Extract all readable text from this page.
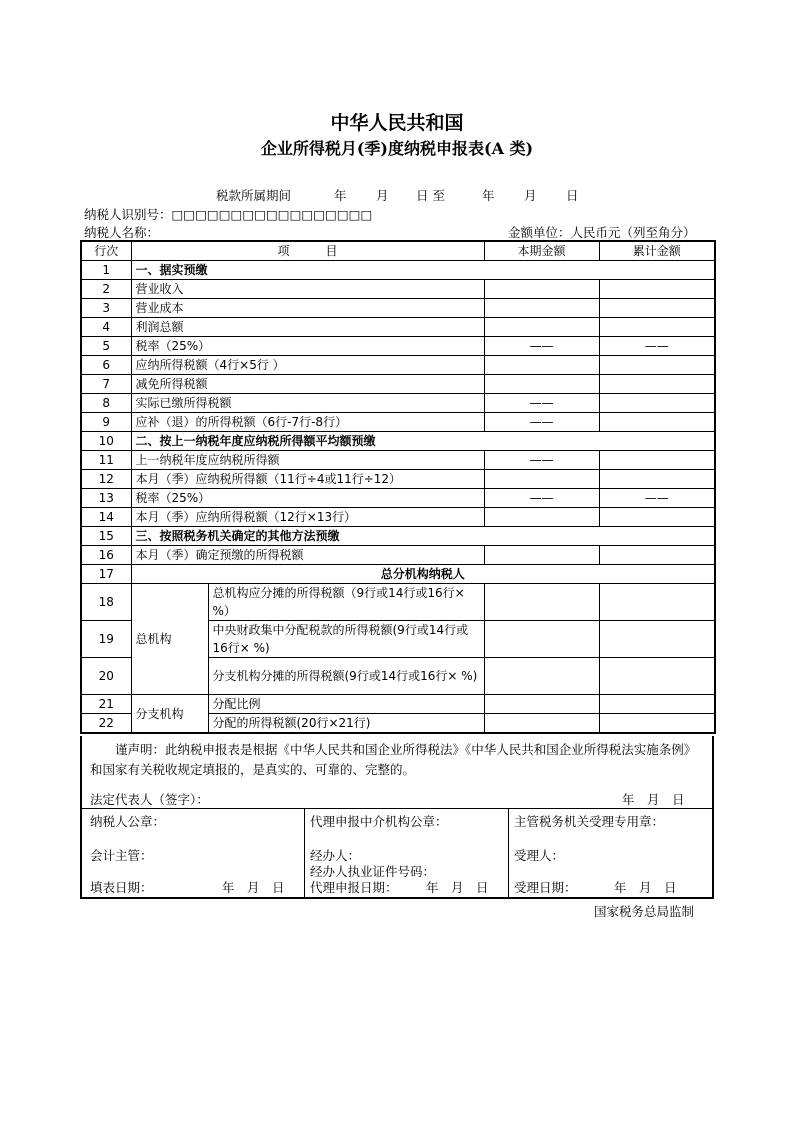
中华人民共和国
企业所得税月(季)度纳税申报表(A 类)
税款所属期间	年 月 日 至	年 月 日
纳税人识别号：□□□□□□□□□□□□□□□□□
纳税人名称：	金额单位：人民币元（列至角分）
行次	项　　　目		本期金额	累计金额
1	一、据实预缴			
2	营业收入			
3	营业成本			
4	利润总额			
5	税率（25%）		——	——
6	应纳所得税额（4行×5行 ）			
7	减免所得税额			
8	实际已缴所得税额		——	
9	应补（退）的所得税额（6行-7行-8行）		——	
10	二、按上一纳税年度应纳税所得额平均额预缴			
11	上一纳税年度应纳税所得额		——	
12	本月（季）应纳税所得额（11行÷4或11行÷12）			
13	税率（25%）		——	——
14	本月（季）应纳所得税额（12行×13行）			
15	三、按照税务机关确定的其他方法预缴			
16	本月（季）确定预缴的所得税额			
17	总分机构纳税人			
18	总机构	总机构应分摊的所得税额（9行或14行或16行× %）		
19		中央财政集中分配税款的所得税额(9行或14行或16行× %)		
20		分支机构分摊的所得税额(9行或14行或16行× %)		
21	分支机构	分配比例		
22		分配的所得税额(20行×21行)		
谨声明：此纳税申报表是根据《中华人民共和国企业所得税法》《中华人民共和国企业所得税法实施条例》和国家有关税收规定填报的，是真实的、可靠的、完整的。
法定代表人（签字）：	年　月　日
纳税人公章：
会计主管：
填表日期：	年　月　日
代理申报中介机构公章：
经办人：
经办人执业证件号码：
代理申报日期： 年　月　日
主管税务机关受理专用章：
受理人：
受理日期：	年　月　日
国家税务总局监制
